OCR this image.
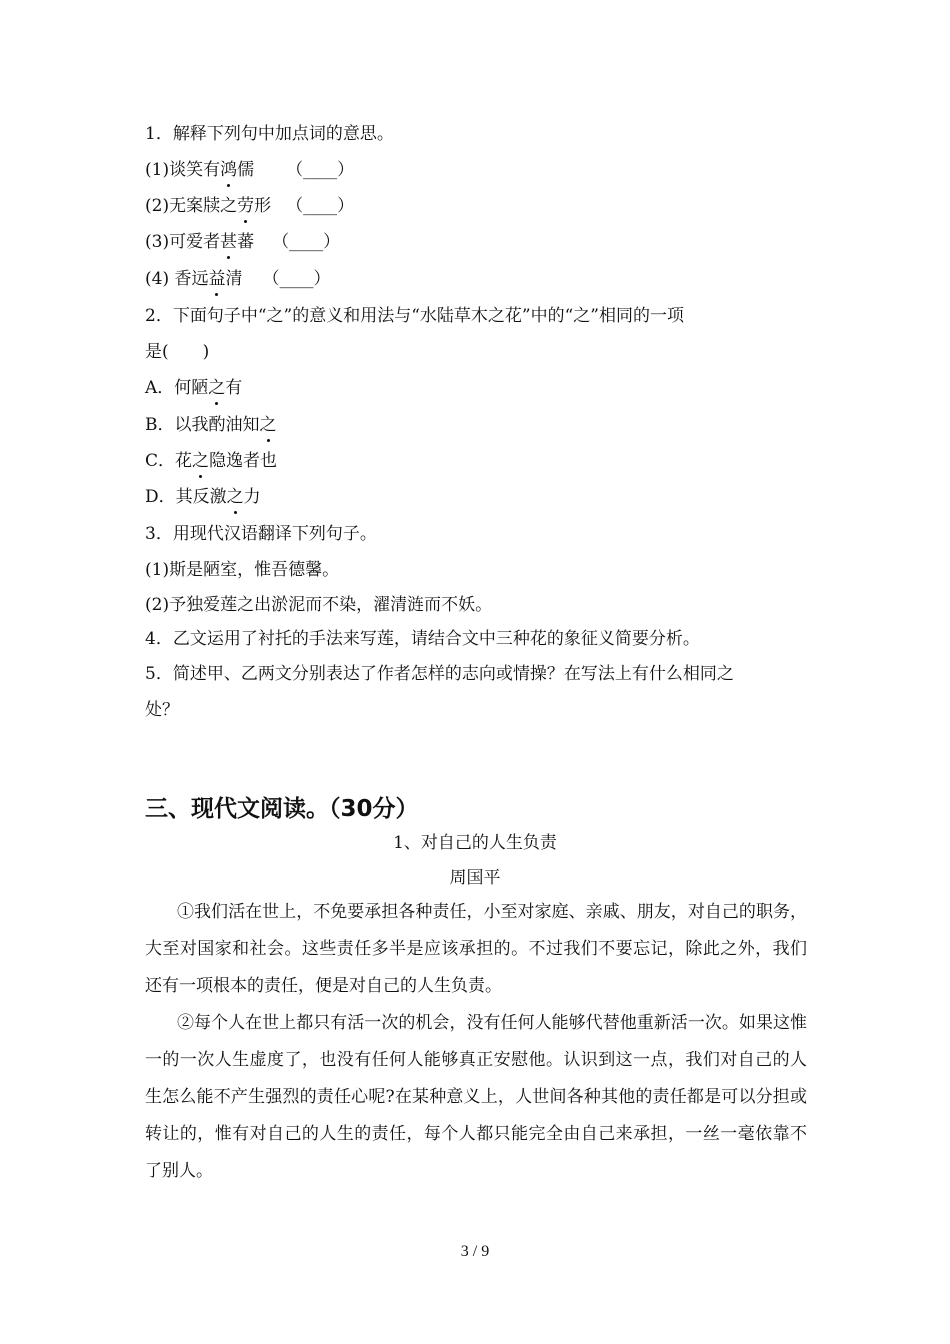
1．解释下列句中加点词的意思。
(1)谈笑有鸿儒 （____）
(2)无案牍之劳形 （____）
(3)可爱者甚蕃 （____）
(4) 香远益清 （____）
2．下面句子中“之”的意义和用法与“水陆草木之花”中的“之”相同的一项
是(　　)
A．何陋之有
B．以我酌油知之
C．花之隐逸者也
D．其反激之力
3．用现代汉语翻译下列句子。
(1)斯是陋室，惟吾德馨。
(2)予独爱莲之出淤泥而不染，濯清涟而不妖。
4．乙文运用了衬托的手法来写莲，请结合文中三种花的象征义简要分析。
5．简述甲、乙两文分别表达了作者怎样的志向或情操？在写法上有什么相同之
处？
三、现代文阅读。（30分）
1、对自己的人生负责
周国平
①我们活在世上，不免要承担各种责任，小至对家庭、亲戚、朋友，对自己的职务，大至对国家和社会。这些责任多半是应该承担的。不过我们不要忘记，除此之外，我们还有一项根本的责任，便是对自己的人生负责。
②每个人在世上都只有活一次的机会，没有任何人能够代替他重新活一次。如果这惟一的一次人生虚度了，也没有任何人能够真正安慰他。认识到这一点，我们对自己的人生怎么能不产生强烈的责任心呢?在某种意义上，人世间各种其他的责任都是可以分担或转让的，惟有对自己的人生的责任，每个人都只能完全由自己来承担，一丝一毫依靠不了别人。
3 / 9
